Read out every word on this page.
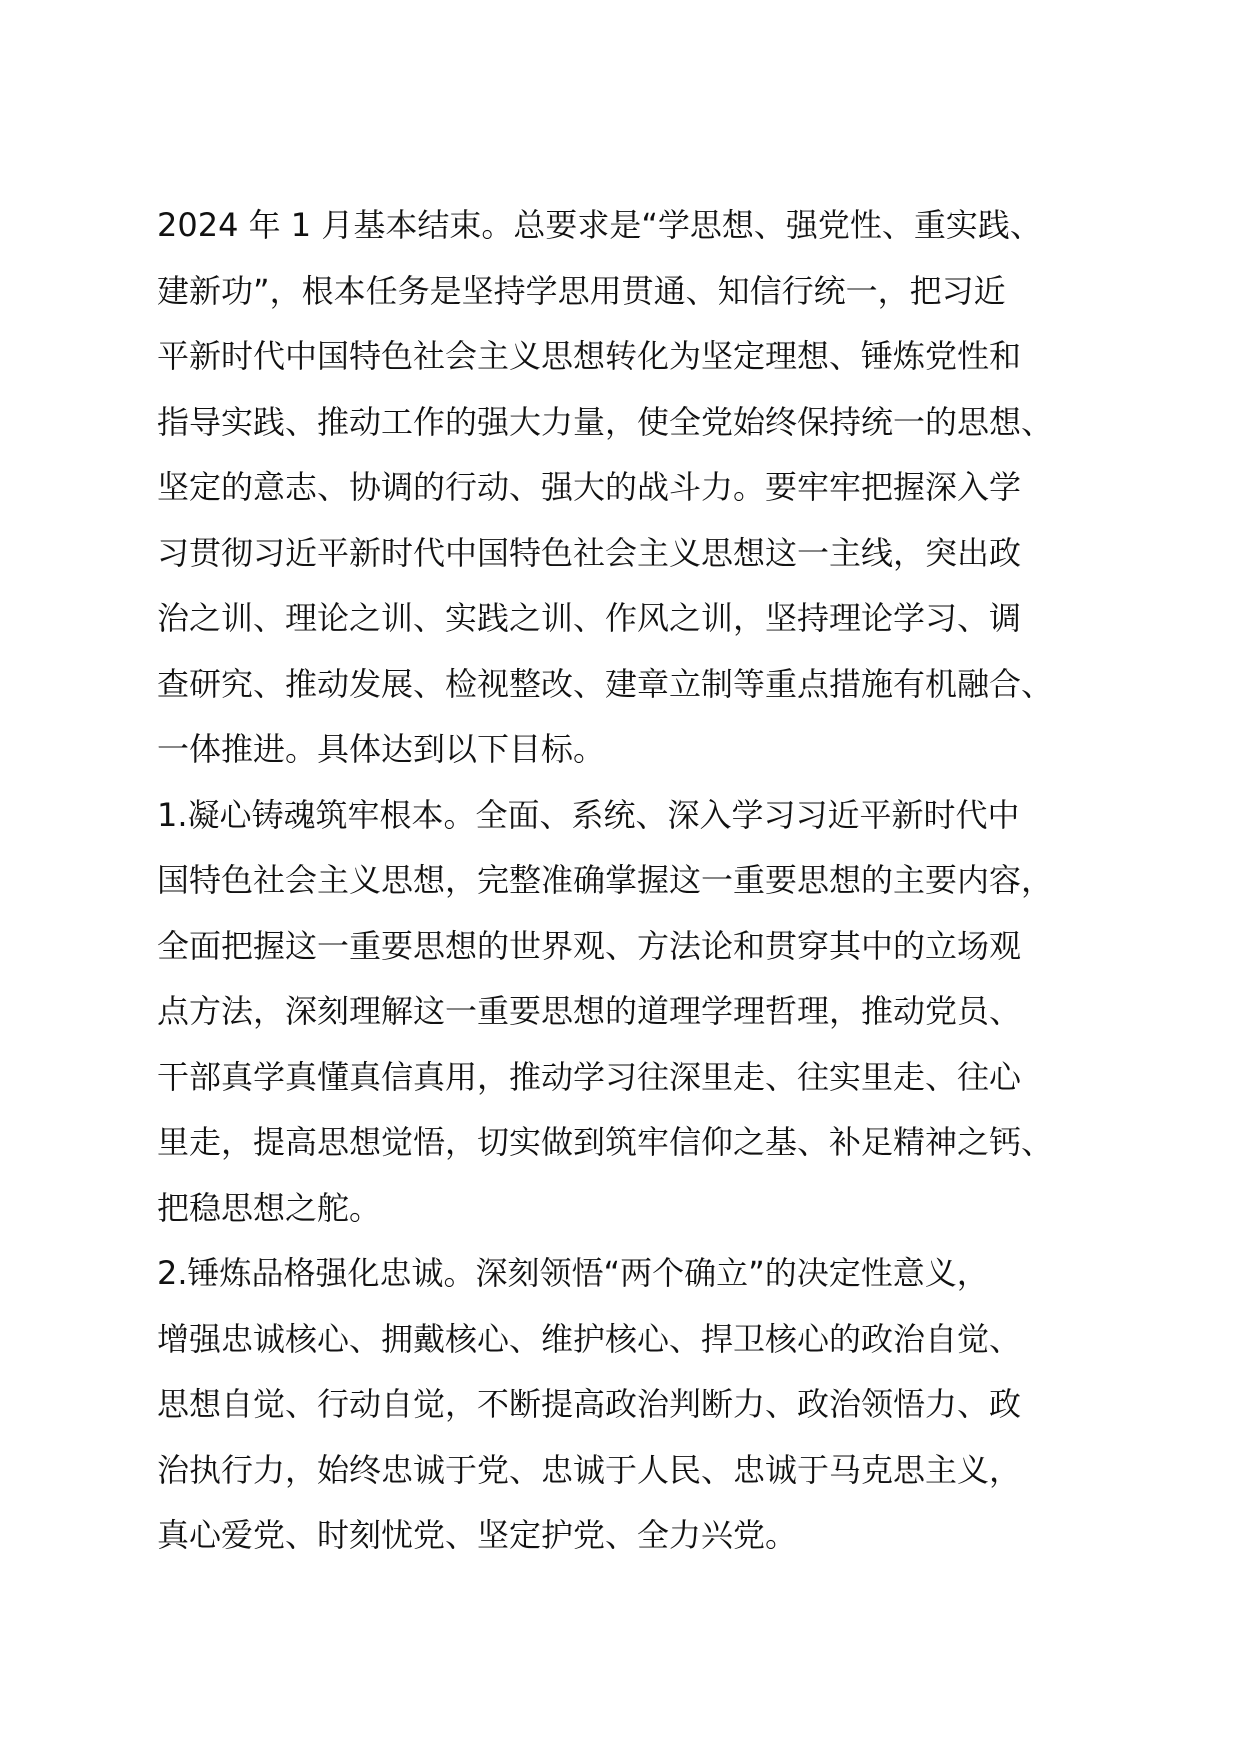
2024 年 1 月基本结束。总要求是“学思想、强党性、重实践、
建新功”，根本任务是坚持学思用贯通、知信行统一，把习近
平新时代中国特色社会主义思想转化为坚定理想、锤炼党性和
指导实践、推动工作的强大力量，使全党始终保持统一的思想、
坚定的意志、协调的行动、强大的战斗力。要牢牢把握深入学
习贯彻习近平新时代中国特色社会主义思想这一主线，突出政
治之训、理论之训、实践之训、作风之训，坚持理论学习、调
查研究、推动发展、检视整改、建章立制等重点措施有机融合、
一体推进。具体达到以下目标。
1.凝心铸魂筑牢根本。全面、系统、深入学习习近平新时代中
国特色社会主义思想，完整准确掌握这一重要思想的主要内容，
全面把握这一重要思想的世界观、方法论和贯穿其中的立场观
点方法，深刻理解这一重要思想的道理学理哲理，推动党员、
干部真学真懂真信真用，推动学习往深里走、往实里走、往心
里走，提高思想觉悟，切实做到筑牢信仰之基、补足精神之钙、
把稳思想之舵。
2.锤炼品格强化忠诚。深刻领悟“两个确立”的决定性意义，
增强忠诚核心、拥戴核心、维护核心、捍卫核心的政治自觉、
思想自觉、行动自觉，不断提高政治判断力、政治领悟力、政
治执行力，始终忠诚于党、忠诚于人民、忠诚于马克思主义，
真心爱党、时刻忧党、坚定护党、全力兴党。
